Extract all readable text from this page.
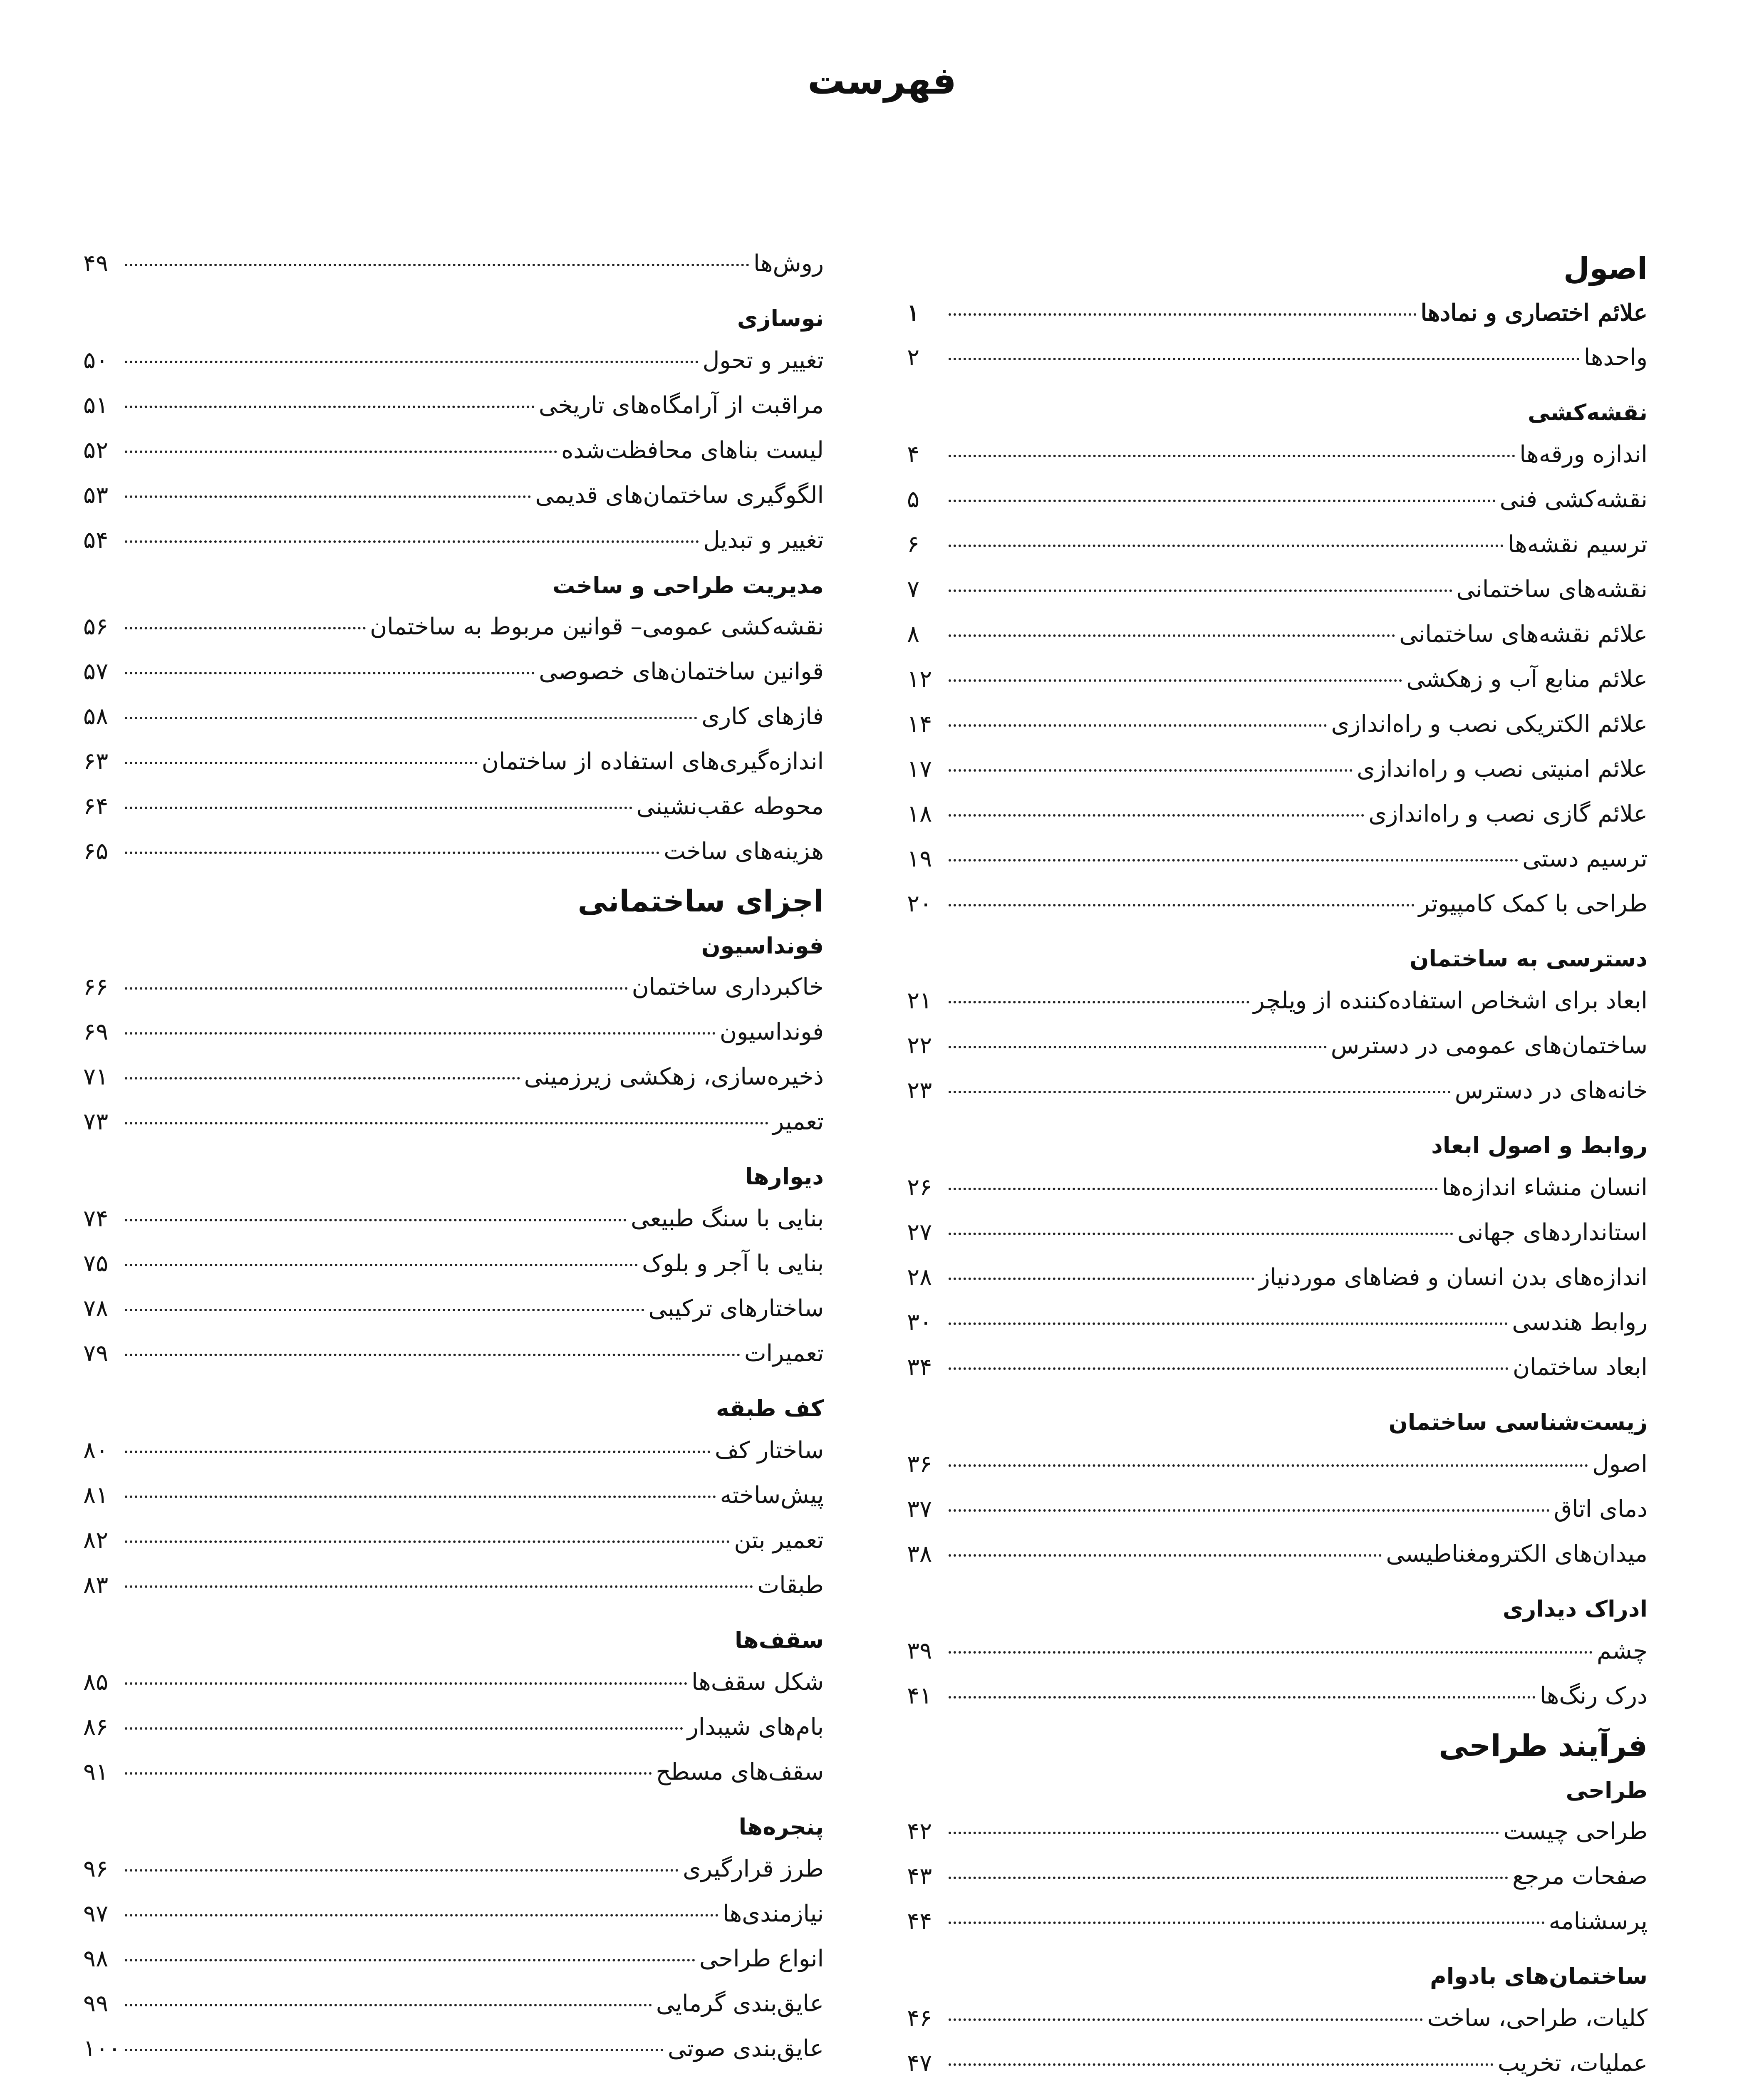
فهرست
اصول
علائم اختصاری و نمادها
۱
واحدها
۲
نقشه‌کشی
اندازه ورقه‌ها
۴
نقشه‌کشی فنی
۵
ترسیم نقشه‌ها
۶
نقشه‌های ساختمانی
۷
علائم نقشه‌های ساختمانی
۸
علائم منابع آب و زهکشی
۱۲
علائم الکتریکی نصب و راه‌اندازی
۱۴
علائم امنیتی نصب و راه‌اندازی
۱۷
علائم گازی نصب و راه‌اندازی
۱۸
ترسیم دستی
۱۹
طراحی با کمک کامپیوتر
۲۰
دسترسی به ساختمان
ابعاد برای اشخاص استفاده‌کننده از ویلچر
۲۱
ساختمان‌های عمومی در دسترس
۲۲
خانه‌های در دسترس
۲۳
روابط و اصول ابعاد
انسان منشاء اندازه‌ها
۲۶
استانداردهای جهانی
۲۷
اندازه‌های بدن انسان و فضاهای موردنیاز
۲۸
روابط هندسی
۳۰
ابعاد ساختمان
۳۴
زیست‌شناسی ساختمان
اصول
۳۶
دمای اتاق
۳۷
میدان‌های الکترومغناطیسی
۳۸
ادراک دیداری
چشم
۳۹
درک رنگ‌ها
۴۱
فرآیند طراحی
طراحی
طراحی چیست
۴۲
صفحات مرجع
۴۳
پرسشنامه
۴۴
ساختمان‌های بادوام
کلیات، طراحی، ساخت
۴۶
عملیات، تخریب
۴۷
روش‌ها
۴۹
نوسازی
تغییر و تحول
۵۰
مراقبت از آرامگاه‌های تاریخی
۵۱
لیست بناهای محافظت‌شده
۵۲
الگوگیری ساختمان‌های قدیمی
۵۳
تغییر و تبدیل
۵۴
مدیریت طراحی و ساخت
نقشه‌کشی عمومی– قوانین مربوط به ساختمان
۵۶
قوانین ساختمان‌های خصوصی
۵۷
فازهای کاری
۵۸
اندازه‌گیری‌های استفاده از ساختمان
۶۳
محوطه عقب‌نشینی
۶۴
هزینه‌های ساخت
۶۵
اجزای ساختمانی
فونداسیون
خاکبرداری ساختمان
۶۶
فونداسیون
۶۹
ذخیره‌سازی، زهکشی زیرزمینی
۷۱
تعمیر
۷۳
دیوارها
بنایی با سنگ طبیعی
۷۴
بنایی با آجر و بلوک
۷۵
ساختارهای ترکیبی
۷۸
تعمیرات
۷۹
کف طبقه
ساختار کف
۸۰
پیش‌ساخته
۸۱
تعمیر بتن
۸۲
طبقات
۸۳
سقف‌ها
شکل سقف‌ها
۸۵
بام‌های شیبدار
۸۶
سقف‌های مسطح
۹۱
پنجره‌ها
طرز قرارگیری
۹۶
نیازمندی‌ها
۹۷
انواع طراحی
۹۸
عایق‌بندی گرمایی
۹۹
عایق‌بندی صوتی
۱۰۰
